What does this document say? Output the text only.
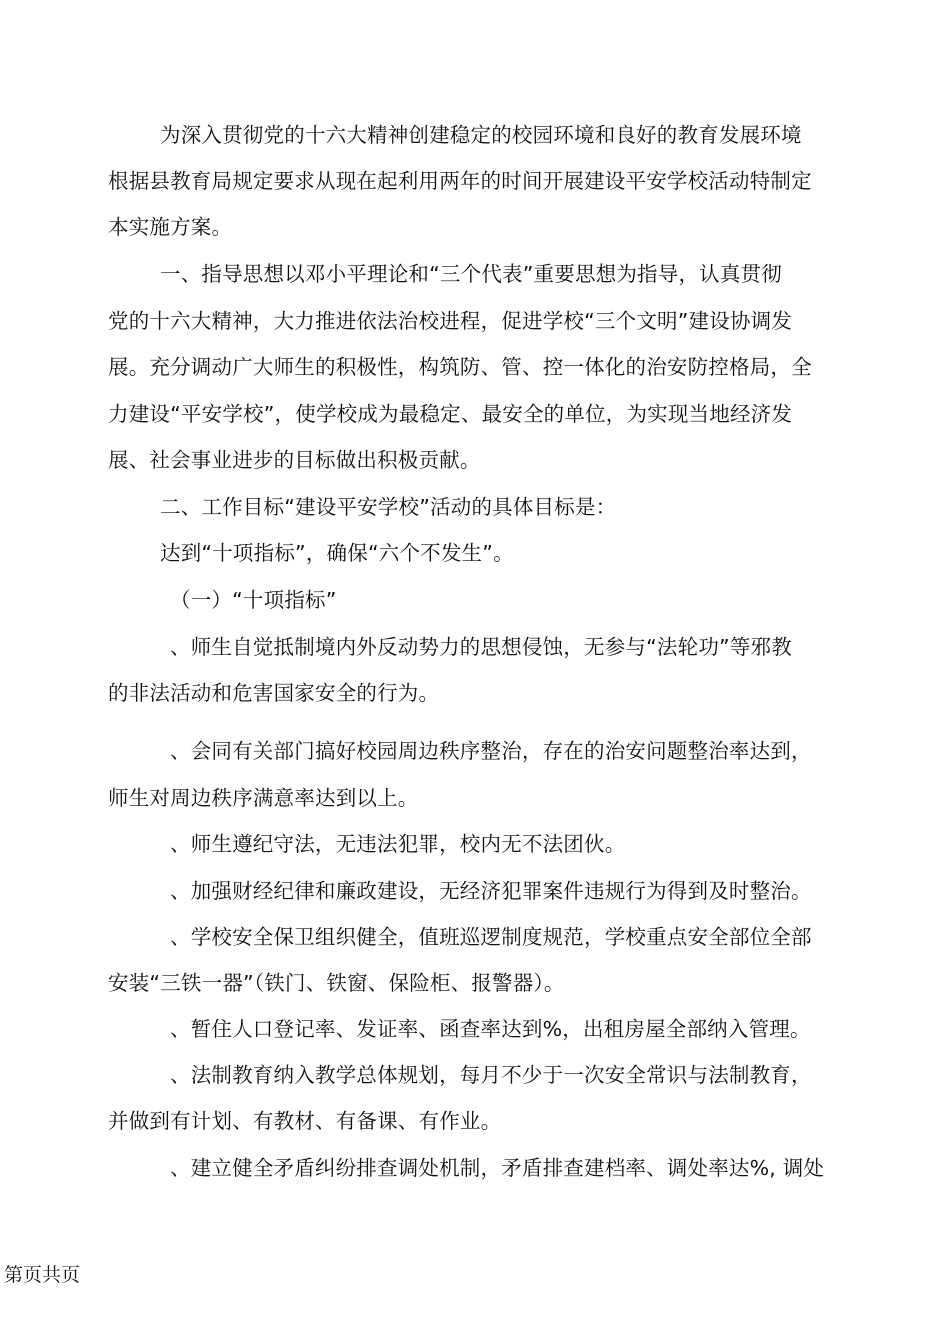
为深入贯彻党的十六大精神创建稳定的校园环境和良好的教育发展环境
根据县教育局规定要求从现在起利用两年的时间开展建设平安学校活动特制定
本实施方案。
一、指导思想以邓小平理论和“三个代表”重要思想为指导，认真贯彻
党的十六大精神，大力推进依法治校进程，促进学校“三个文明”建设协调发
展。充分调动广大师生的积极性，构筑防、管、控一体化的治安防控格局，全
力建设“平安学校”，使学校成为最稳定、最安全的单位，为实现当地经济发
展、社会事业进步的目标做出积极贡献。
二、工作目标“建设平安学校”活动的具体目标是：
达到“十项指标”，确保“六个不发生”。
（一）“十项指标”
、师生自觉抵制境内外反动势力的思想侵蚀，无参与“法轮功”等邪教
的非法活动和危害国家安全的行为。
、会同有关部门搞好校园周边秩序整治，存在的治安问题整治率达到，
师生对周边秩序满意率达到以上。
、师生遵纪守法，无违法犯罪，校内无不法团伙。
、加强财经纪律和廉政建设，无经济犯罪案件违规行为得到及时整治。
、学校安全保卫组织健全，值班巡逻制度规范，学校重点安全部位全部
安装“三铁一器”（铁门、铁窗、保险柜、报警器）。
、暂住人口登记率、发证率、函查率达到%，出租房屋全部纳入管理。
、法制教育纳入教学总体规划，每月不少于一次安全常识与法制教育，
并做到有计划、有教材、有备课、有作业。
、建立健全矛盾纠纷排查调处机制，矛盾排查建档率、调处率达%, 调处
第页共页
